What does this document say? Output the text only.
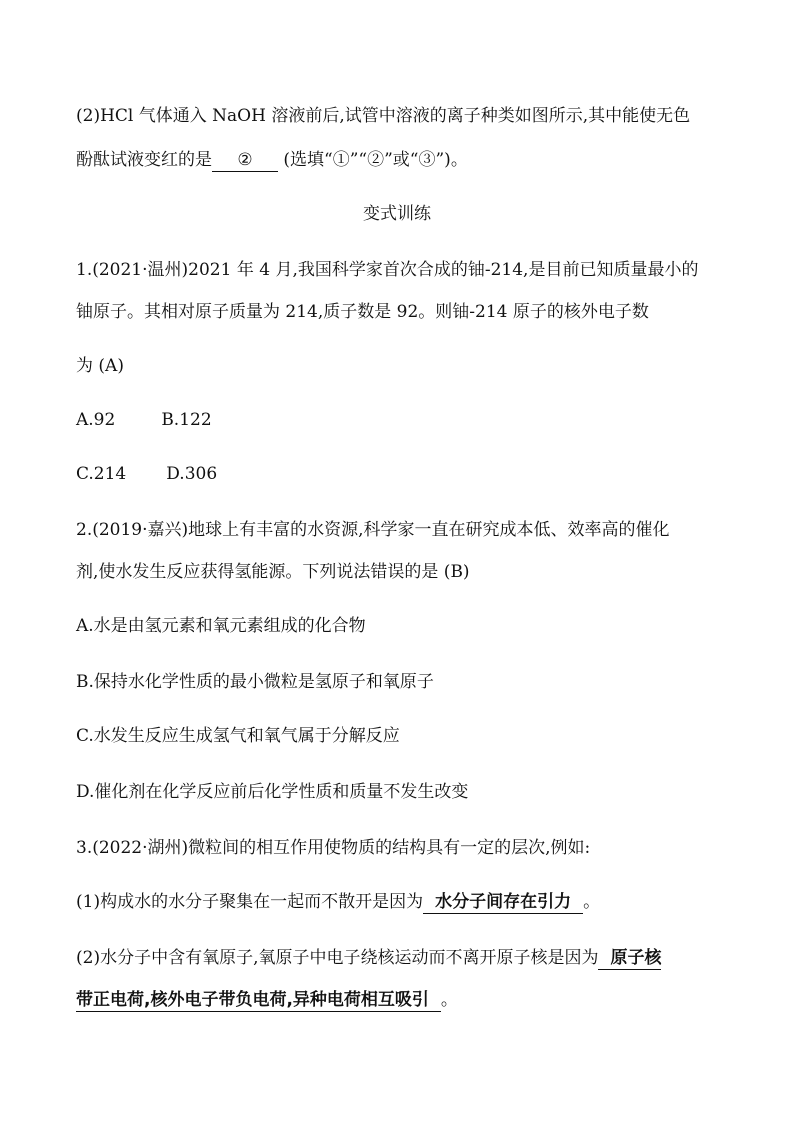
(2)HCl 气体通入 NaOH 溶液前后,试管中溶液的离子种类如图所示,其中能使无色
酚酞试液变红的是 ② (选填“①”“②”或“③”)。
变式训练
1.(2021·温州)2021 年 4 月,我国科学家首次合成的铀-214,是目前已知质量最小的
铀原子。其相对原子质量为 214,质子数是 92。则铀-214 原子的核外电子数
为 (A)
A.92	B.122
C.214 D.306
2.(2019·嘉兴)地球上有丰富的水资源,科学家一直在研究成本低、效率高的催化
剂,使水发生反应获得氢能源。下列说法错误的是 (B)
A.水是由氢元素和氧元素组成的化合物
B.保持水化学性质的最小微粒是氢原子和氧原子
C.水发生反应生成氢气和氧气属于分解反应
D.催化剂在化学反应前后化学性质和质量不发生改变
3.(2022·湖州)微粒间的相互作用使物质的结构具有一定的层次,例如:
(1)构成水的水分子聚集在一起而不散开是因为 水分子间存在引力 。
(2)水分子中含有氧原子,氧原子中电子绕核运动而不离开原子核是因为 原子核
带正电荷,核外电子带负电荷,异种电荷相互吸引 。
